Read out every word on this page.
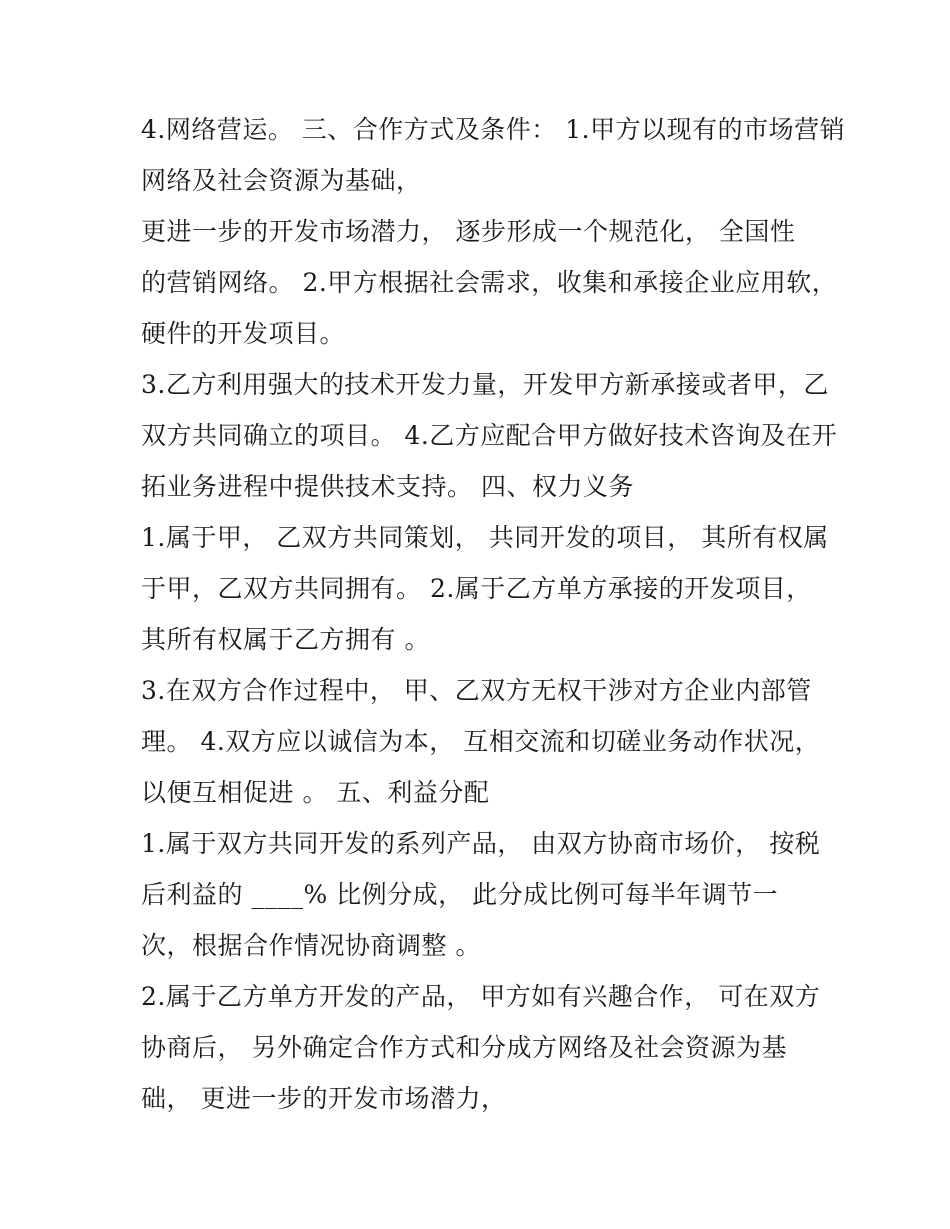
4.网络营运。 三、合作方式及条件： 1.甲方以现有的市场营销
网络及社会资源为基础，
更进一步的开发市场潜力， 逐步形成一个规范化， 全国性
的营销网络。 2.甲方根据社会需求，收集和承接企业应用软，
硬件的开发项目。
3.乙方利用强大的技术开发力量，开发甲方新承接或者甲，乙
双方共同确立的项目。 4.乙方应配合甲方做好技术咨询及在开
拓业务进程中提供技术支持。 四、权力义务
1.属于甲， 乙双方共同策划， 共同开发的项目， 其所有权属
于甲，乙双方共同拥有。 2.属于乙方单方承接的开发项目，
其所有权属于乙方拥有 。
3.在双方合作过程中， 甲、乙双方无权干涉对方企业内部管
理。 4.双方应以诚信为本， 互相交流和切磋业务动作状况，
以便互相促进 。 五、利益分配
1.属于双方共同开发的系列产品， 由双方协商市场价， 按税
后利益的 ____% 比例分成， 此分成比例可每半年调节一
次，根据合作情况协商调整 。
2.属于乙方单方开发的产品， 甲方如有兴趣合作， 可在双方
协商后， 另外确定合作方式和分成方网络及社会资源为基
础， 更进一步的开发市场潜力，
